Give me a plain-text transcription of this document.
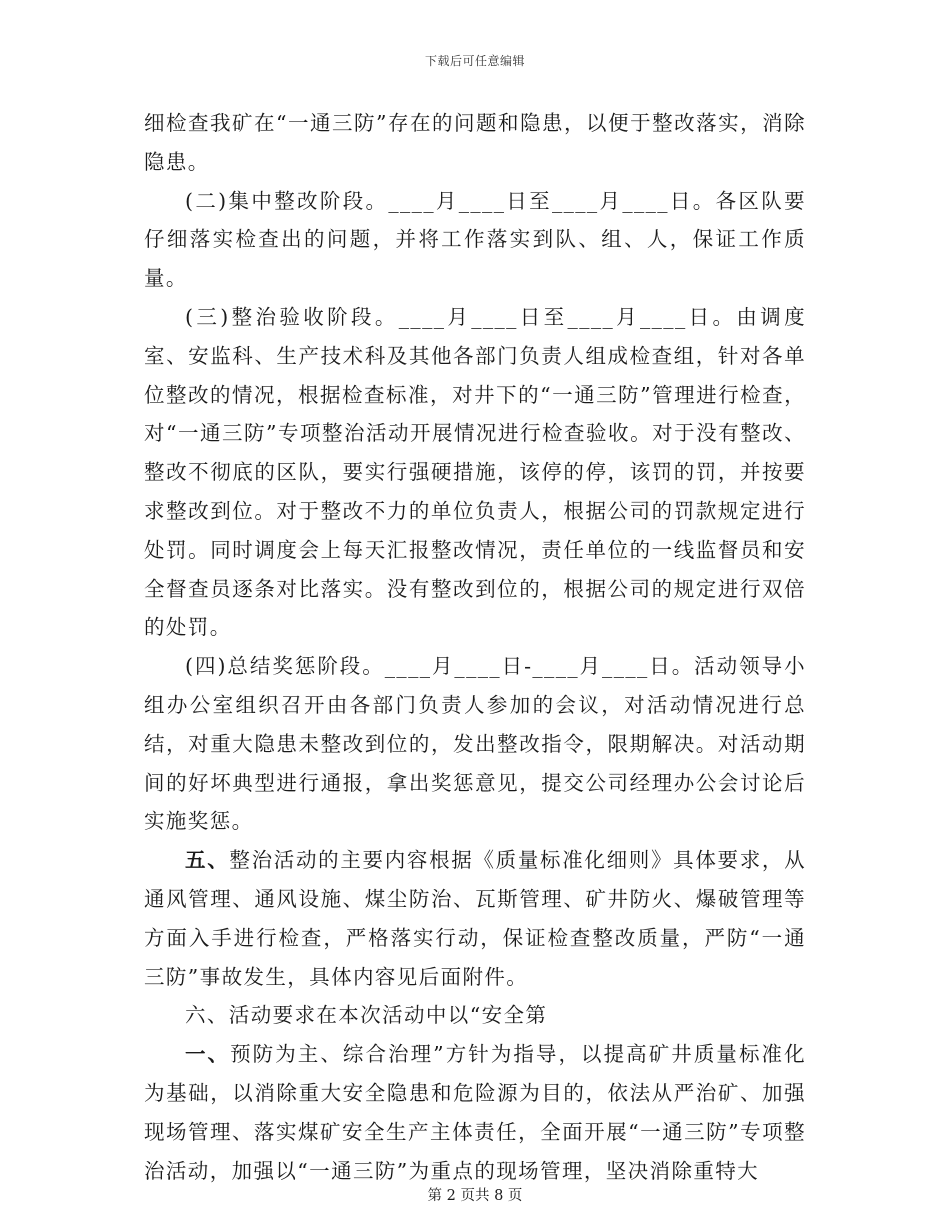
下载后可任意编辑

细检查我矿在“一通三防”存在的问题和隐患，以便于整改落实，消除隐患。

(二)集中整改阶段。____月____日至____月____日。各区队要仔细落实检查出的问题，并将工作落实到队、组、人，保证工作质量。

(三)整治验收阶段。____月____日至____月____日。由调度室、安监科、生产技术科及其他各部门负责人组成检查组，针对各单位整改的情况，根据检查标准，对井下的“一通三防”管理进行检查，对“一通三防”专项整治活动开展情况进行检查验收。对于没有整改、整改不彻底的区队，要实行强硬措施，该停的停，该罚的罚，并按要求整改到位。对于整改不力的单位负责人，根据公司的罚款规定进行处罚。同时调度会上每天汇报整改情况，责任单位的一线监督员和安全督查员逐条对比落实。没有整改到位的，根据公司的规定进行双倍的处罚。

(四)总结奖惩阶段。____月____日-____月____日。活动领导小组办公室组织召开由各部门负责人参加的会议，对活动情况进行总结，对重大隐患未整改到位的，发出整改指令，限期解决。对活动期间的好坏典型进行通报，拿出奖惩意见，提交公司经理办公会讨论后实施奖惩。

五、整治活动的主要内容根据《质量标准化细则》具体要求，从通风管理、通风设施、煤尘防治、瓦斯管理、矿井防火、爆破管理等方面入手进行检查，严格落实行动，保证检查整改质量，严防“一通三防”事故发生，具体内容见后面附件。

六、活动要求在本次活动中以“安全第

一、预防为主、综合治理”方针为指导，以提高矿井质量标准化为基础，以消除重大安全隐患和危险源为目的，依法从严治矿、加强现场管理、落实煤矿安全生产主体责任，全面开展“一通三防”专项整治活动，加强以“一通三防”为重点的现场管理，坚决消除重特大

第 2 页共 8 页
